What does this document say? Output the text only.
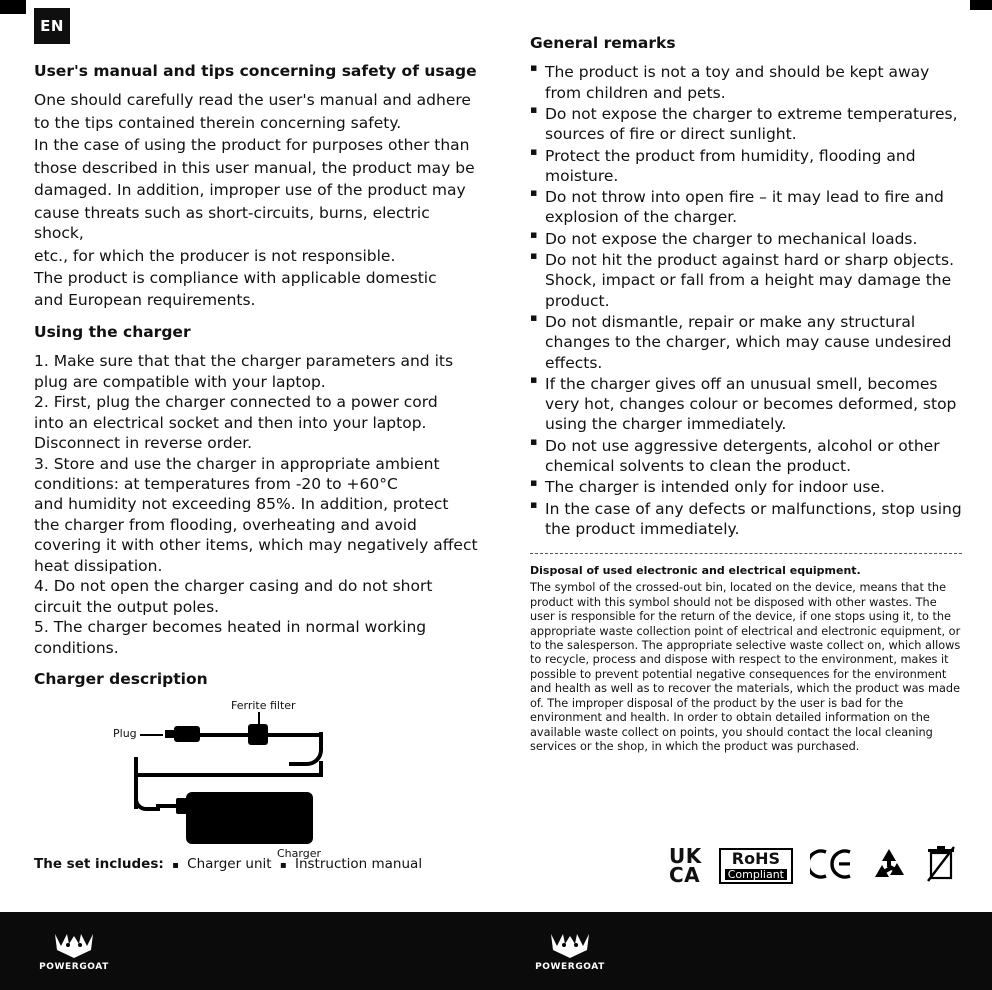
EN
User's manual and tips concerning safety of usage

One should carefully read the user's manual and adhere

to the tips contained therein concerning safety.

In the case of using the product for purposes other than

those described in this user manual, the product may be

damaged. In addition, improper use of the product may

cause threats such as short-circuits, burns, electric shock,

etc., for which the producer is not responsible.

The product is compliance with applicable domestic

and European requirements.

Using the charger

1. Make sure that that the charger parameters and its

plug are compatible with your laptop.

2. First, plug the charger connected to a power cord

into an electrical socket and then into your laptop.

Disconnect in reverse order.

3. Store and use the charger in appropriate ambient

conditions: at temperatures from -20 to +60°C

and humidity not exceeding 85%. In addition, protect

the charger from flooding, overheating and avoid

covering it with other items, which may negatively affect

heat dissipation.

4. Do not open the charger casing and do not short

circuit the output poles.

5. The charger becomes heated in normal working

conditions.

Charger description
Ferrite filter
Plug
Charger
The set includes: ▪ Charger unit ▪ Instruction manual
General remarks
▪ The product is not a toy and should be kept away from children and pets.
▪ Do not expose the charger to extreme temperatures, sources of fire or direct sunlight.
▪ Protect the product from humidity, flooding and moisture.
▪ Do not throw into open fire – it may lead to fire and explosion of the charger.
▪ Do not expose the charger to mechanical loads.
▪ Do not hit the product against hard or sharp objects. Shock, impact or fall from a height may damage the product.
▪ Do not dismantle, repair or make any structural changes to the charger, which may cause undesired effects.
▪ If the charger gives off an unusual smell, becomes very hot, changes colour or becomes deformed, stop using the charger immediately.
▪ Do not use aggressive detergents, alcohol or other chemical solvents to clean the product.
▪ The charger is intended only for indoor use.
▪ In the case of any defects or malfunctions, stop using the product immediately.

Disposal of used electronic and electrical equipment.

The symbol of the crossed-out bin, located on the device, means that the product with this symbol should not be disposed with other wastes. The user is responsible for the return of the device, if one stops using it, to the appropriate waste collection point of electrical and electronic equipment, or to the salesperson. The appropriate selective waste collect on, which allows to recycle, process and dispose with respect to the environment, makes it possible to prevent potential negative consequences for the environment and health as well as to recover the materials, which the product was made of. The improper disposal of the product by the user is bad for the environment and health. In order to obtain detailed information on the available waste collect on points, you should contact the local cleaning services or the shop, in which the product was purchased.

UK
CA
RoHS
Compliant
POWERGOAT	POWERGOAT
